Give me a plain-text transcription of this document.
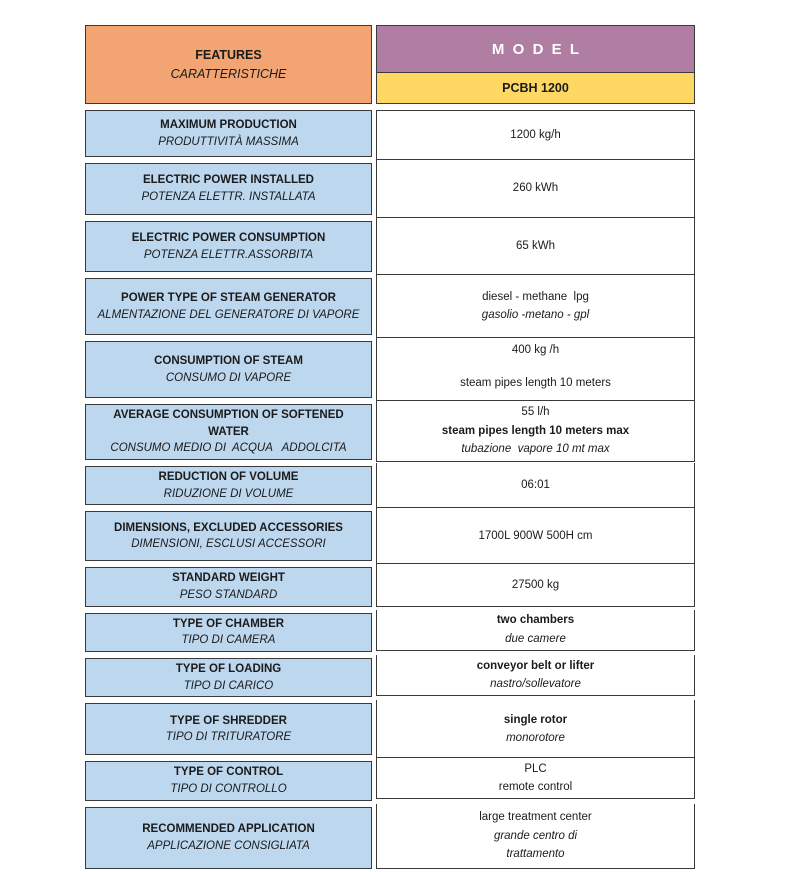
FEATURES
CARATTERISTICHE
MODEL
PCBH 1200
MAXIMUM PRODUCTION
PRODUTTIVITÀ MASSIMA
1200 kg/h
ELECTRIC POWER INSTALLED
POTENZA ELETTR. INSTALLATA
260 kWh
ELECTRIC POWER CONSUMPTION
POTENZA ELETTR.ASSORBITA
65 kWh
POWER TYPE OF STEAM GENERATOR
ALMENTAZIONE DEL GENERATORE DI VAPORE
diesel - methane  lpg
gasolio -metano - gpl
CONSUMPTION OF STEAM
CONSUMO DI VAPORE
400 kg /h
steam pipes length 10 meters
AVERAGE CONSUMPTION OF SOFTENED WATER
CONSUMO MEDIO DI  ACQUA   ADDOLCITA
55 l/h
steam pipes length 10 meters max
tubazione  vapore 10 mt max
REDUCTION OF VOLUME
RIDUZIONE DI VOLUME
06:01
DIMENSIONS, EXCLUDED ACCESSORIES
DIMENSIONI, ESCLUSI ACCESSORI
1700L 900W 500H cm
STANDARD WEIGHT
PESO STANDARD
27500 kg
TYPE OF CHAMBER
TIPO DI CAMERA
two chambers
due camere
TYPE OF LOADING
TIPO DI CARICO
conveyor belt or lifter
nastro/sollevatore
TYPE OF SHREDDER
TIPO DI TRITURATORE
single rotor
monorotore
TYPE OF CONTROL
TIPO DI CONTROLLO
PLC
remote control
RECOMMENDED APPLICATION
APPLICAZIONE CONSIGLIATA
large treatment center
grande centro di
trattamento
